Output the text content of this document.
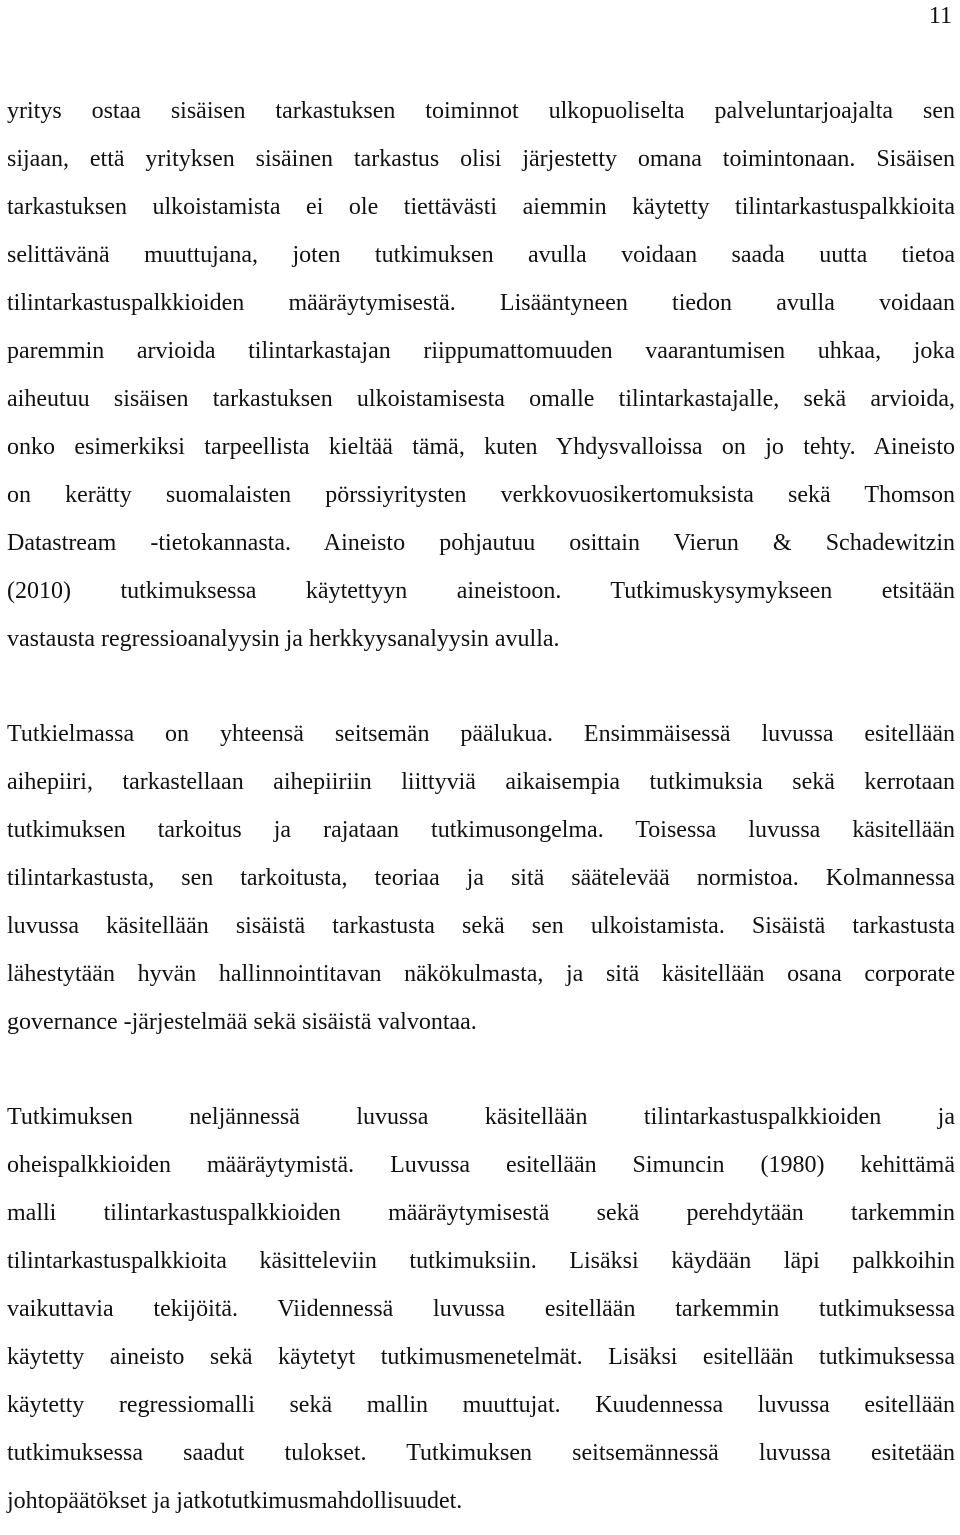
11
yritys ostaa sisäisen tarkastuksen toiminnot ulkopuoliselta palveluntarjoajalta sen
sijaan, että yrityksen sisäinen tarkastus olisi järjestetty omana toimintonaan. Sisäisen
tarkastuksen ulkoistamista ei ole tiettävästi aiemmin käytetty tilintarkastuspalkkioita
selittävänä muuttujana, joten tutkimuksen avulla voidaan saada uutta tietoa
tilintarkastuspalkkioiden määräytymisestä. Lisääntyneen tiedon avulla voidaan
paremmin arvioida tilintarkastajan riippumattomuuden vaarantumisen uhkaa, joka
aiheutuu sisäisen tarkastuksen ulkoistamisesta omalle tilintarkastajalle, sekä arvioida,
onko esimerkiksi tarpeellista kieltää tämä, kuten Yhdysvalloissa on jo tehty. Aineisto
on kerätty suomalaisten pörssiyritysten verkkovuosikertomuksista sekä Thomson
Datastream -tietokannasta. Aineisto pohjautuu osittain Vierun & Schadewitzin
(2010) tutkimuksessa käytettyyn aineistoon. Tutkimuskysymykseen etsitään
vastausta regressioanalyysin ja herkkyysanalyysin avulla.
Tutkielmassa on yhteensä seitsemän päälukua. Ensimmäisessä luvussa esitellään
aihepiiri, tarkastellaan aihepiiriin liittyviä aikaisempia tutkimuksia sekä kerrotaan
tutkimuksen tarkoitus ja rajataan tutkimusongelma. Toisessa luvussa käsitellään
tilintarkastusta, sen tarkoitusta, teoriaa ja sitä säätelevää normistoa. Kolmannessa
luvussa käsitellään sisäistä tarkastusta sekä sen ulkoistamista. Sisäistä tarkastusta
lähestytään hyvän hallinnointitavan näkökulmasta, ja sitä käsitellään osana corporate
governance -järjestelmää sekä sisäistä valvontaa.
Tutkimuksen neljännessä luvussa käsitellään tilintarkastuspalkkioiden ja
oheispalkkioiden määräytymistä. Luvussa esitellään Simuncin (1980) kehittämä
malli tilintarkastuspalkkioiden määräytymisestä sekä perehdytään tarkemmin
tilintarkastuspalkkioita käsitteleviin tutkimuksiin. Lisäksi käydään läpi palkkoihin
vaikuttavia tekijöitä. Viidennessä luvussa esitellään tarkemmin tutkimuksessa
käytetty aineisto sekä käytetyt tutkimusmenetelmät. Lisäksi esitellään tutkimuksessa
käytetty regressiomalli sekä mallin muuttujat. Kuudennessa luvussa esitellään
tutkimuksessa saadut tulokset. Tutkimuksen seitsemännessä luvussa esitetään
johtopäätökset ja jatkotutkimusmahdollisuudet.
